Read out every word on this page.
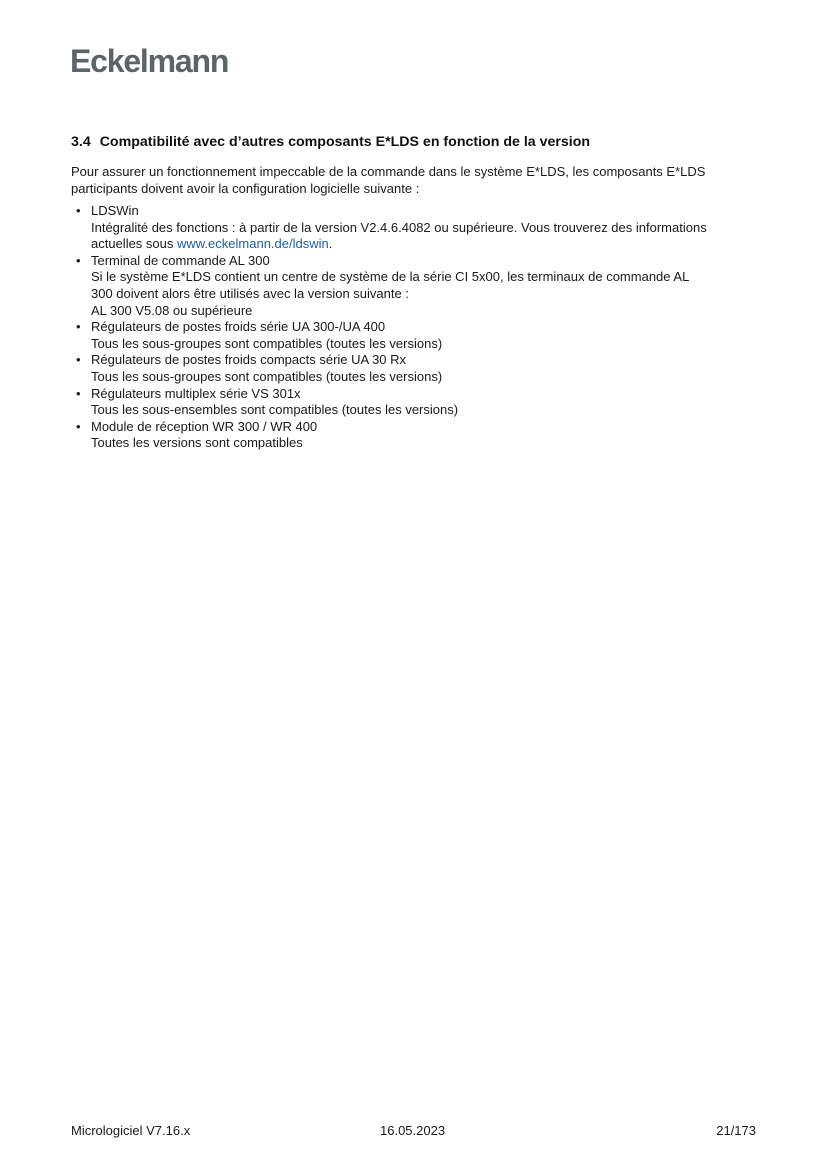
Eckelmann
3.4 Compatibilité avec d’autres composants E*LDS en fonction de la version

Pour assurer un fonctionnement impeccable de la commande dans le système E*LDS, les composants E*LDS

participants doivent avoir la configuration logicielle suivante :

• LDSWin
Intégralité des fonctions : à partir de la version V2.4.6.4082 ou supérieure. Vous trouverez des informations
actuelles sous www.eckelmann.de/ldswin.
• Terminal de commande AL 300
Si le système E*LDS contient un centre de système de la série CI 5x00, les terminaux de commande AL
300 doivent alors être utilisés avec la version suivante :
AL 300 V5.08 ou supérieure
• Régulateurs de postes froids série UA 300-/UA 400
Tous les sous-groupes sont compatibles (toutes les versions)
• Régulateurs de postes froids compacts série UA 30 Rx
Tous les sous-groupes sont compatibles (toutes les versions)
• Régulateurs multiplex série VS 301x
Tous les sous-ensembles sont compatibles (toutes les versions)
• Module de réception WR 300 / WR 400
Toutes les versions sont compatibles
Micrologiciel V7.16.x	16.05.2023	21/173
